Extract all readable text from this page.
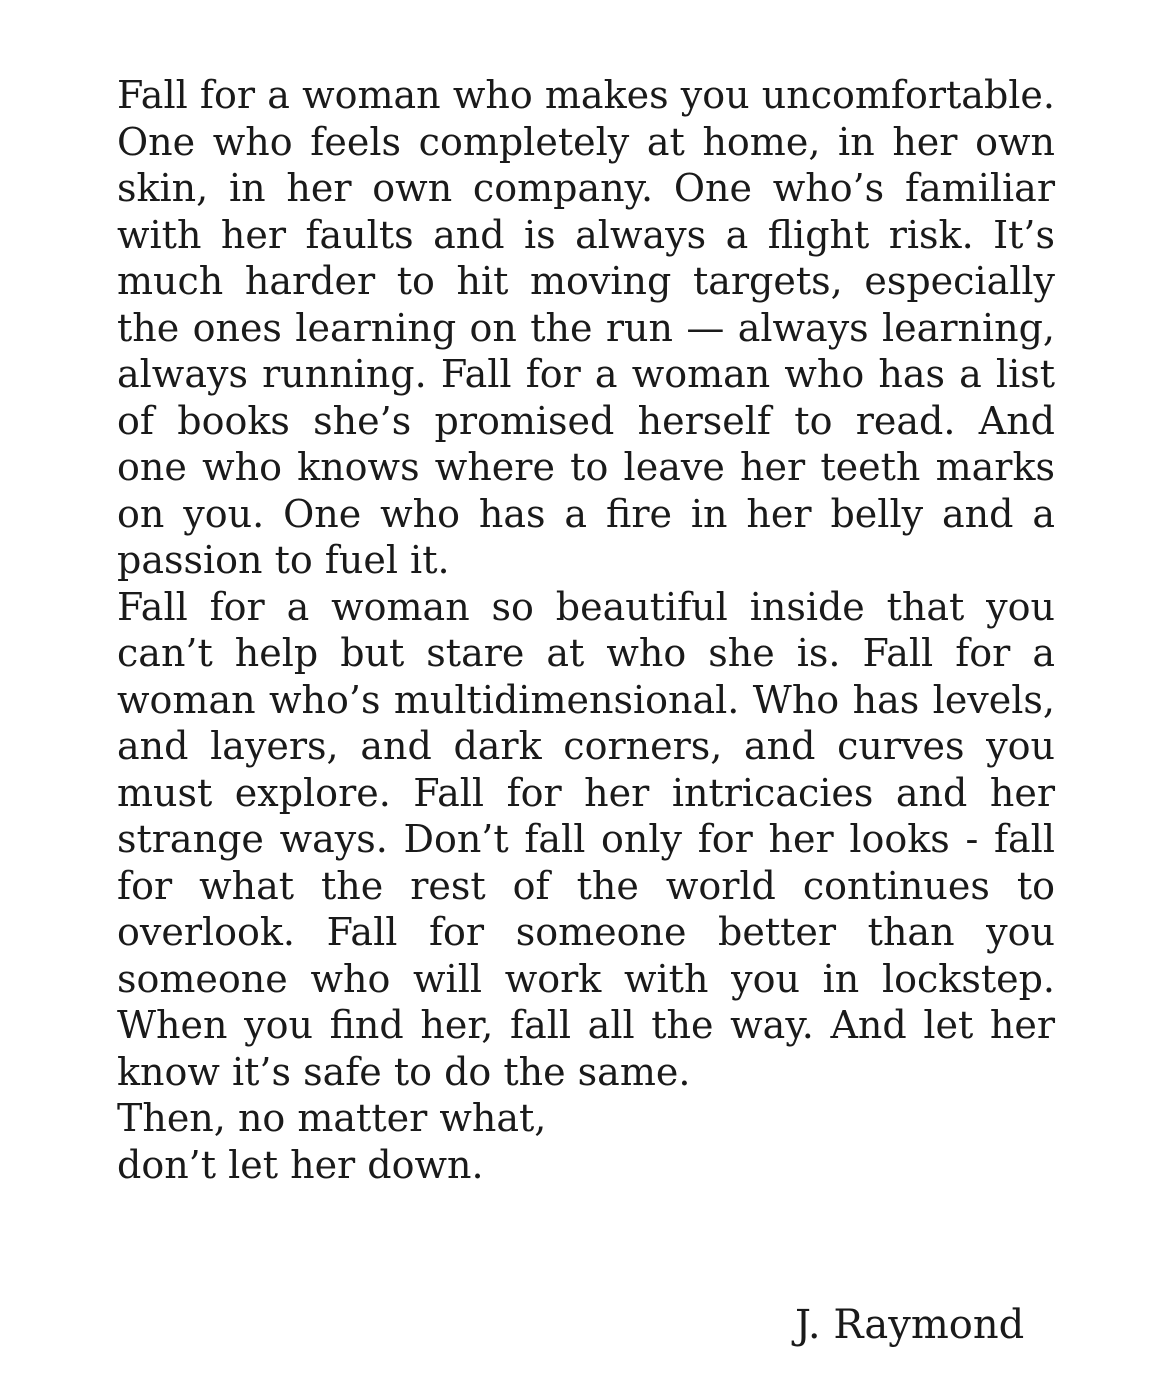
Fall for a woman who makes you uncomfortable. One who feels completely at home, in her own skin, in her own company. One who’s familiar with her faults and is always a flight risk. It’s much harder to hit moving targets, especially the ones learning on the run — always learning, always running. Fall for a woman who has a list of books she’s promised herself to read. And one who knows where to leave her teeth marks on you. One who has a fire in her belly and a passion to fuel it.

Fall for a woman so beautiful inside that you can’t help but stare at who she is. Fall for a woman who’s multidimensional. Who has levels, and layers, and dark corners, and curves you must explore. Fall for her intricacies and her strange ways. Don’t fall only for her looks - fall for what the rest of the world continues to overlook. Fall for someone better than you someone who will work with you in lockstep. When you find her, fall all the way. And let her know it’s safe to do the same.

Then, no matter what,
don’t let her down.
J. Raymond
